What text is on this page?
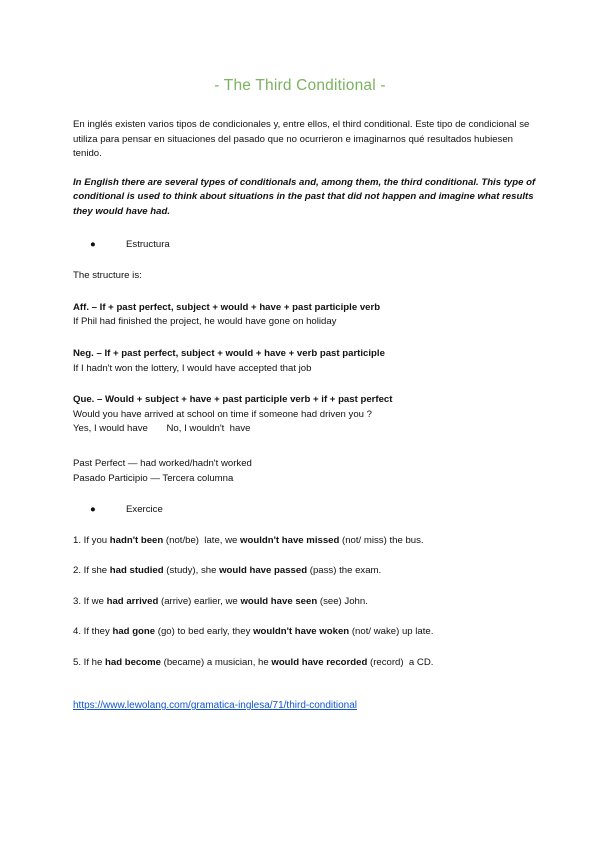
- The Third Conditional -

En inglés existen varios tipos de condicionales y, entre ellos, el third conditional. Este tipo de condicional se utiliza para pensar en situaciones del pasado que no ocurrieron e imaginarnos qué resultados hubiesen tenido.

In English there are several types of conditionals and, among them, the third conditional. This type of conditional is used to think about situations in the past that did not happen and imagine what results they would have had.

●	Estructura

The structure is:

Aff. – If + past perfect, subject + would + have + past participle verb

If Phil had finished the project, he would have gone on holiday

Neg. – If + past perfect, subject + would + have + verb past participle

If I hadn't won the lottery, I would have accepted that job

Que. – Would + subject + have + past participle verb + if + past perfect

Would you have arrived at school on time if someone had driven you ?

Yes, I would have       No, I wouldn't  have

Past Perfect — had worked/hadn't worked

Pasado Participio — Tercera columna

●	Exercice

1. If you hadn't been (not/be)  late, we wouldn't have missed (not/ miss) the bus.

2. If she had studied (study), she would have passed (pass) the exam.

3. If we had arrived (arrive) earlier, we would have seen (see) John.

4. If they had gone (go) to bed early, they wouldn't have woken (not/ wake) up late.

5. If he had become (became) a musician, he would have recorded (record)  a CD.

https://www.lewolang.com/gramatica-inglesa/71/third-conditional
